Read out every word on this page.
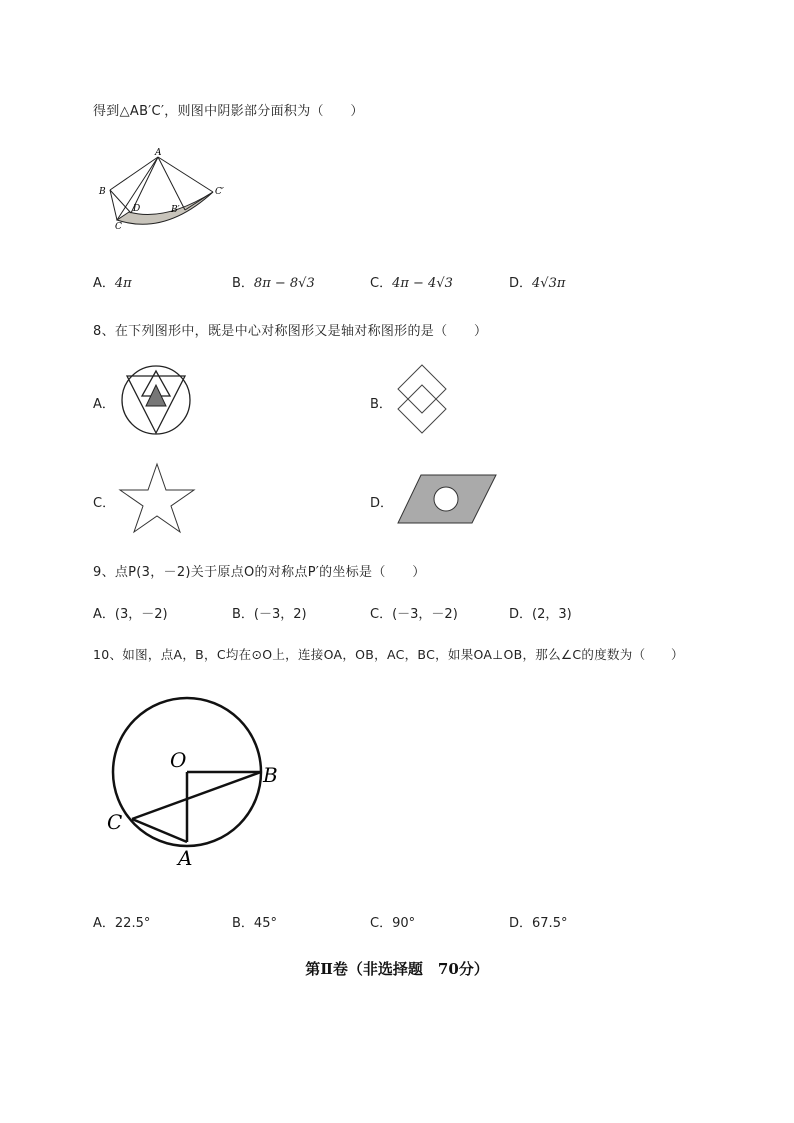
得到△AB′C′，则图中阴影部分面积为（　　）
A
B
C
D	B′
C′
A．4π	B．8π − 8√3	C．4π − 4√3	D．4√3π
8、在下列图形中，既是中心对称图形又是轴对称图形的是（　　）
A．	B．
C．	D．
9、点P(3，－2)关于原点O的对称点P′的坐标是（　　）
A．(3，－2)	B．(－3，2)	C．(－3，－2)	D．(2，3)
10、如图，点A，B，C均在⊙O上，连接OA，OB，AC，BC，如果OA⊥OB，那么∠C的度数为（　　）
O
B
C
A
A．22.5°	B．45°	C．90°	D．67.5°
第Ⅱ卷（非选择题　70分）
